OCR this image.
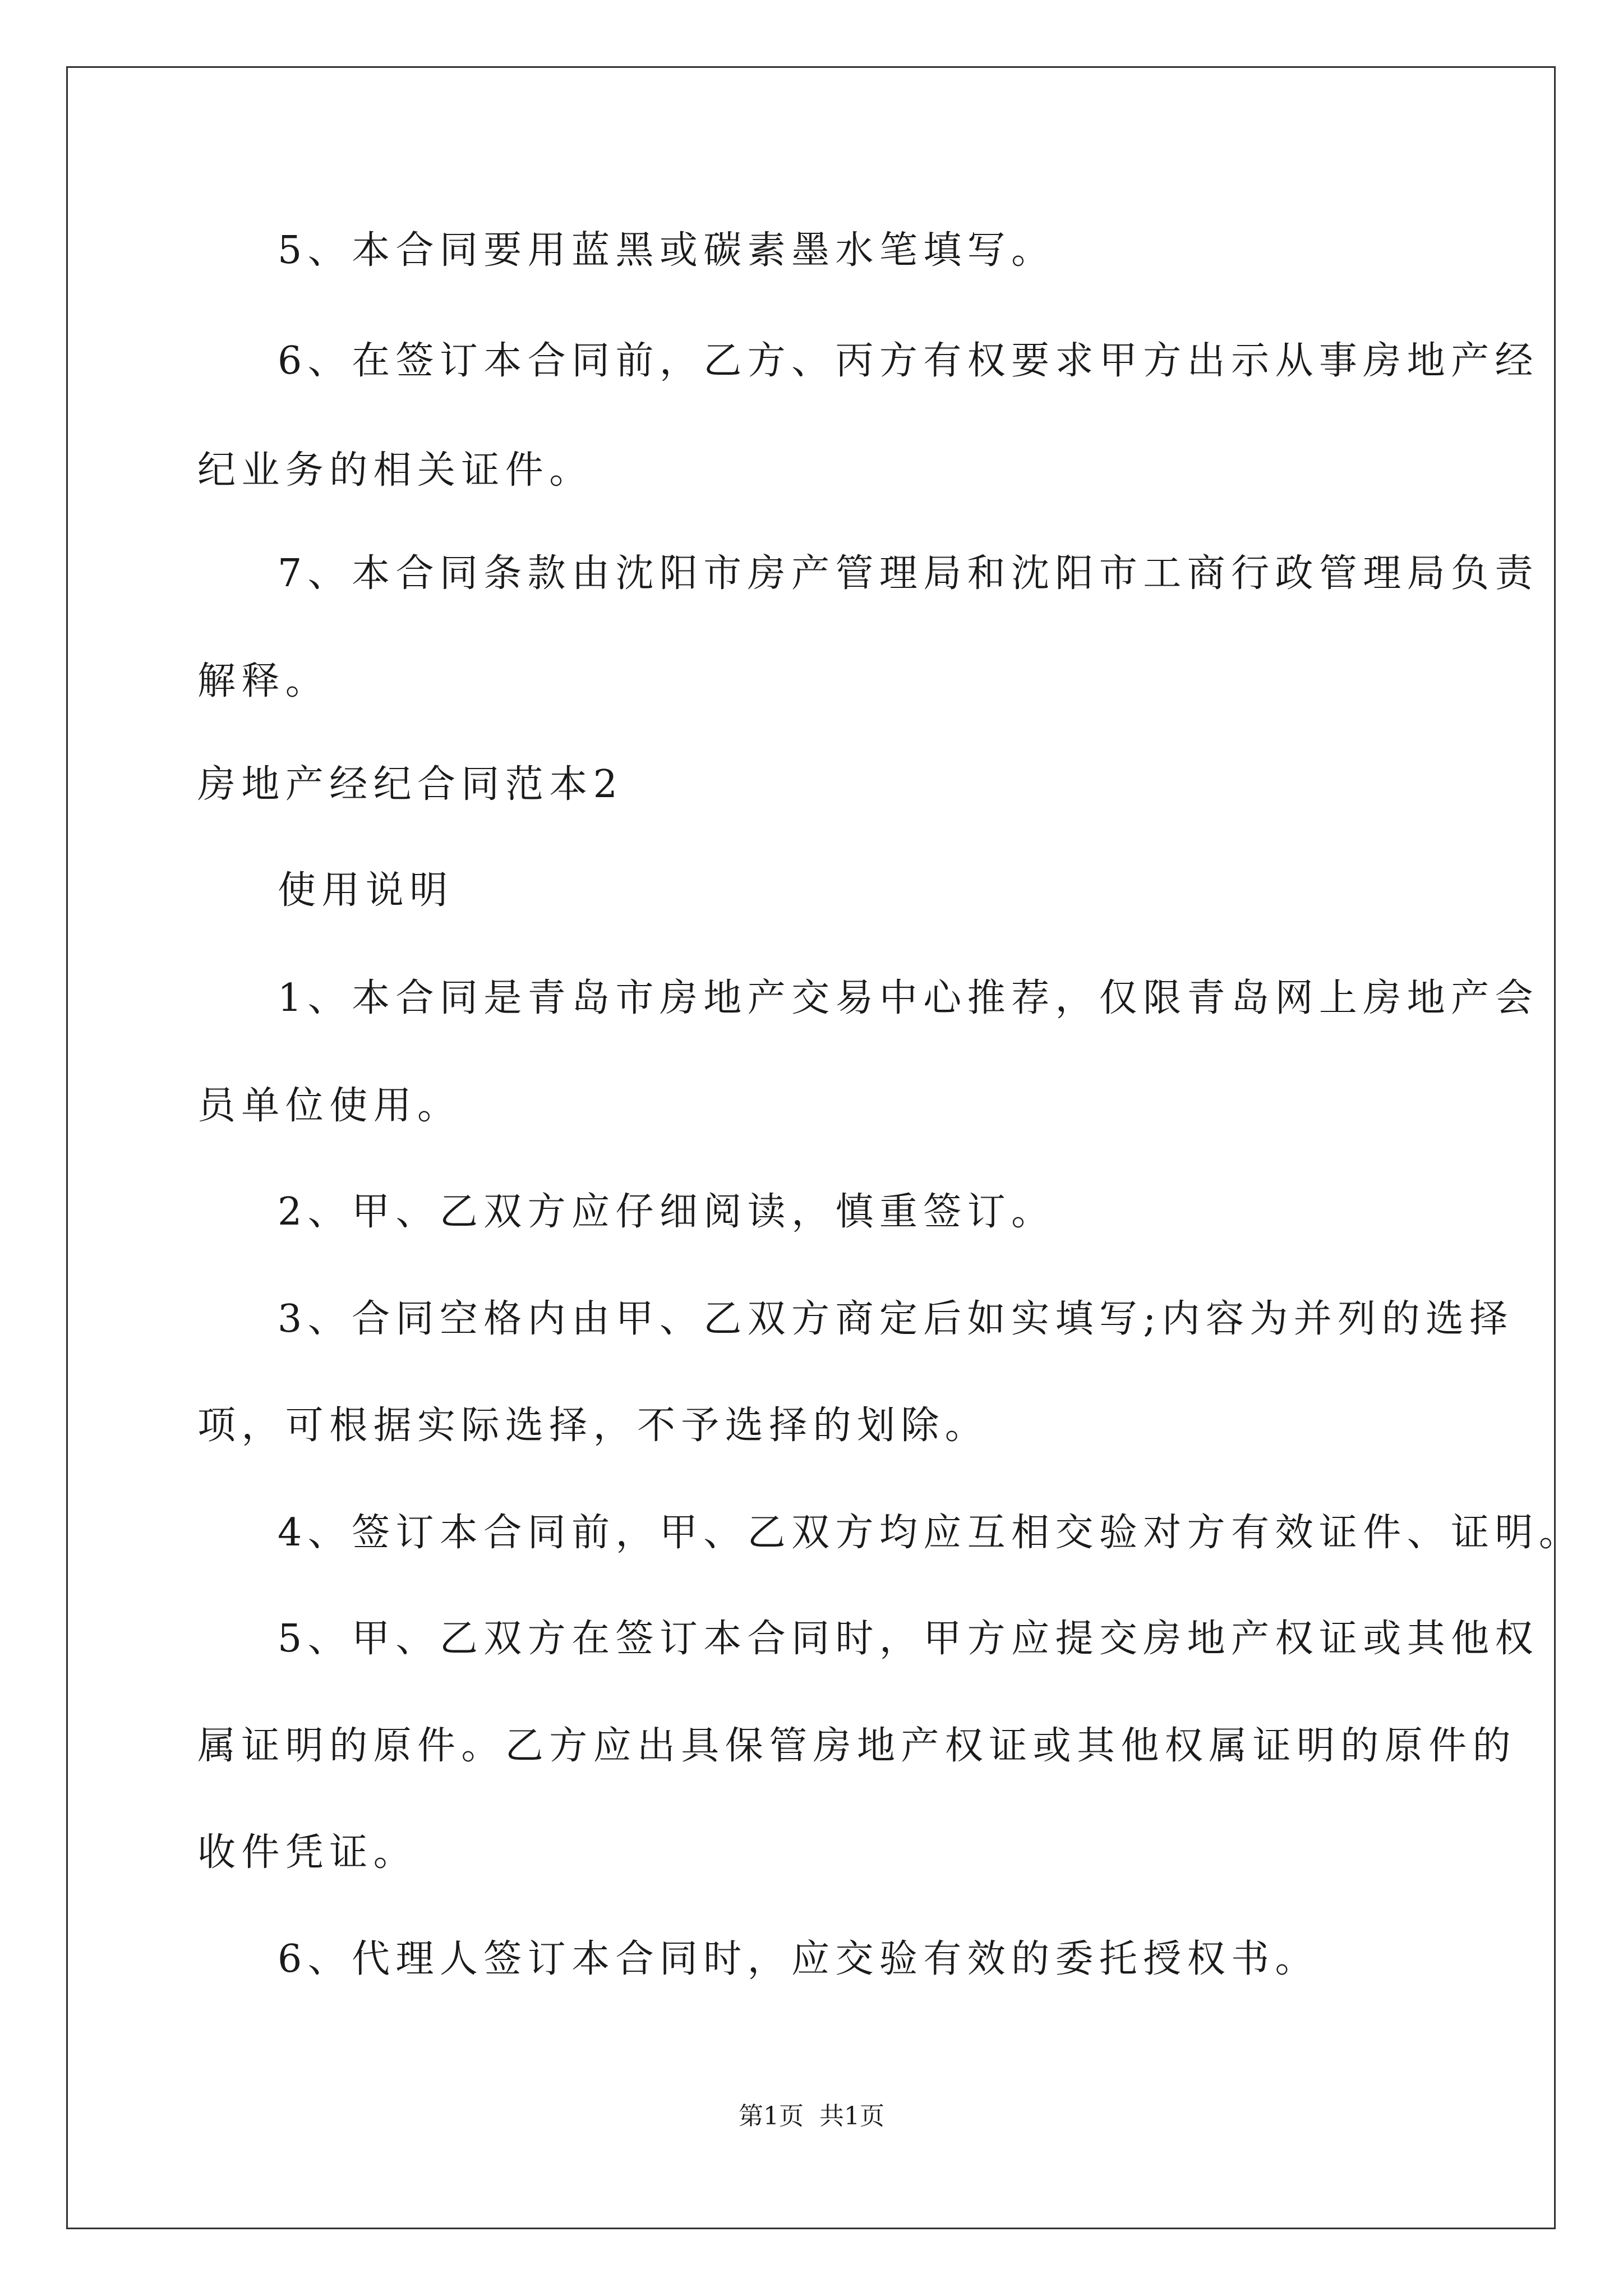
5、本合同要用蓝黑或碳素墨水笔填写。
6、在签订本合同前，乙方、丙方有权要求甲方出示从事房地产经
纪业务的相关证件。
7、本合同条款由沈阳市房产管理局和沈阳市工商行政管理局负责
解释。
房地产经纪合同范本2
使用说明
1、本合同是青岛市房地产交易中心推荐，仅限青岛网上房地产会
员单位使用。
2、甲、乙双方应仔细阅读，慎重签订。
3、合同空格内由甲、乙双方商定后如实填写;内容为并列的选择
项，可根据实际选择，不予选择的划除。
4、签订本合同前，甲、乙双方均应互相交验对方有效证件、证明。
5、甲、乙双方在签订本合同时，甲方应提交房地产权证或其他权
属证明的原件。乙方应出具保管房地产权证或其他权属证明的原件的
收件凭证。
6、代理人签订本合同时，应交验有效的委托授权书。
第1页  共1页
